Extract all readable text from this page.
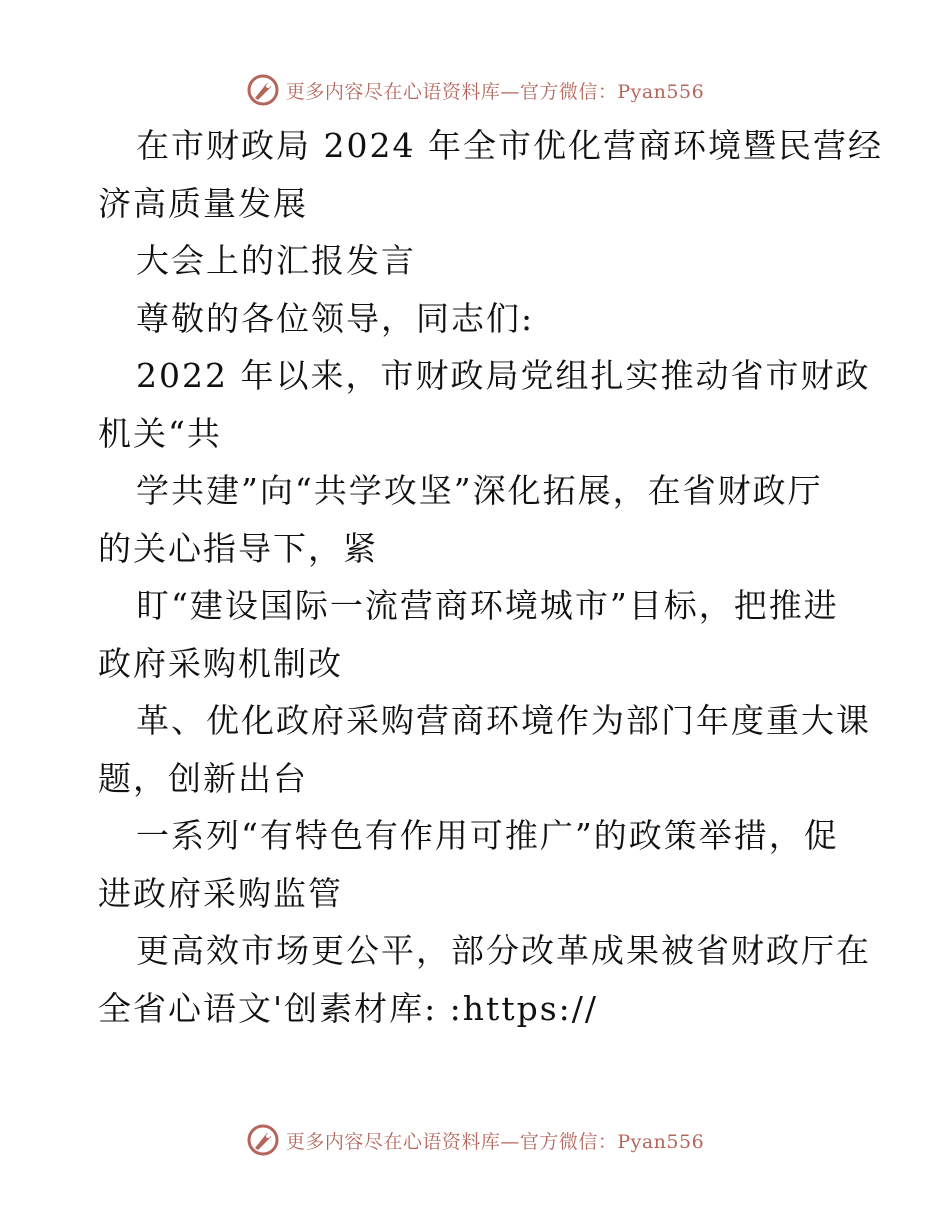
更多内容尽在心语资料库—官方微信：Pyan556
在市财政局 2024 年全市优化营商环境暨民营经
济高质量发展
大会上的汇报发言
尊敬的各位领导，同志们:
2022 年以来，市财政局党组扎实推动省市财政
机关“共
学共建”向“共学攻坚”深化拓展，在省财政厅
的关心指导下，紧
盯“建设国际一流营商环境城市”目标，把推进
政府采购机制改
革、优化政府采购营商环境作为部门年度重大课
题，创新出台
一系列“有特色有作用可推广”的政策举措，促
进政府采购监管
更高效市场更公平，部分改革成果被省财政厅在
全省心语文'创素材库: :https://
更多内容尽在心语资料库—官方微信：Pyan556
